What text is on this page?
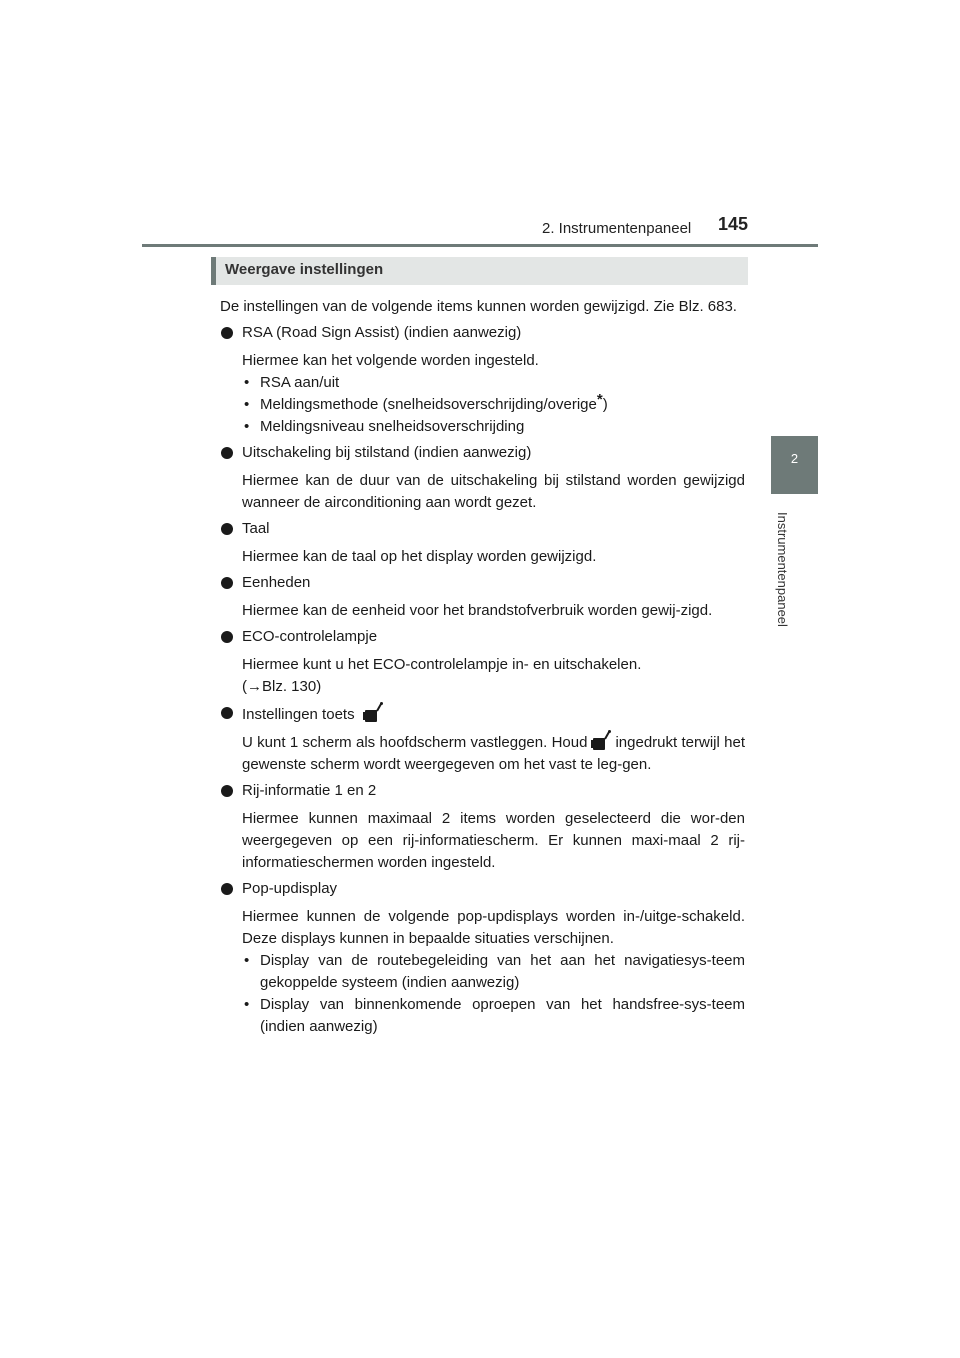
2. Instrumentenpaneel 145
2
Instrumentenpaneel
Weergave instellingen

De instellingen van de volgende items kunnen worden gewijzigd. Zie Blz. 683.

RSA (Road Sign Assist) (indien aanwezig)

Hiermee kan het volgende worden ingesteld.

• RSA aan/uit

• Meldingsmethode (snelheidsoverschrijding/overige*)

• Meldingsniveau snelheidsoverschrijding

Uitschakeling bij stilstand (indien aanwezig)

Hiermee kan de duur van de uitschakeling bij stilstand worden gewijzigd wanneer de airconditioning aan wordt gezet.

Taal

Hiermee kan de taal op het display worden gewijzigd.

Eenheden

Hiermee kan de eenheid voor het brandstofverbruik worden gewij-zigd.

ECO-controlelampje

Hiermee kunt u het ECO-controlelampje in- en uitschakelen.

(→Blz. 130)

Instellingen toets

U kunt 1 scherm als hoofdscherm vastleggen. Houd ingedrukt terwijl het gewenste scherm wordt weergegeven om het vast te leg-gen.

Rij-informatie 1 en 2

Hiermee kunnen maximaal 2 items worden geselecteerd die wor-den weergegeven op een rij-informatiescherm. Er kunnen maxi-maal 2 rij-informatieschermen worden ingesteld.

Pop-updisplay

Hiermee kunnen de volgende pop-updisplays worden in-/uitge-schakeld. Deze displays kunnen in bepaalde situaties verschijnen.

• Display van de routebegeleiding van het aan het navigatiesys-teem gekoppelde systeem (indien aanwezig)

• Display van binnenkomende oproepen van het handsfree-sys-teem (indien aanwezig)
